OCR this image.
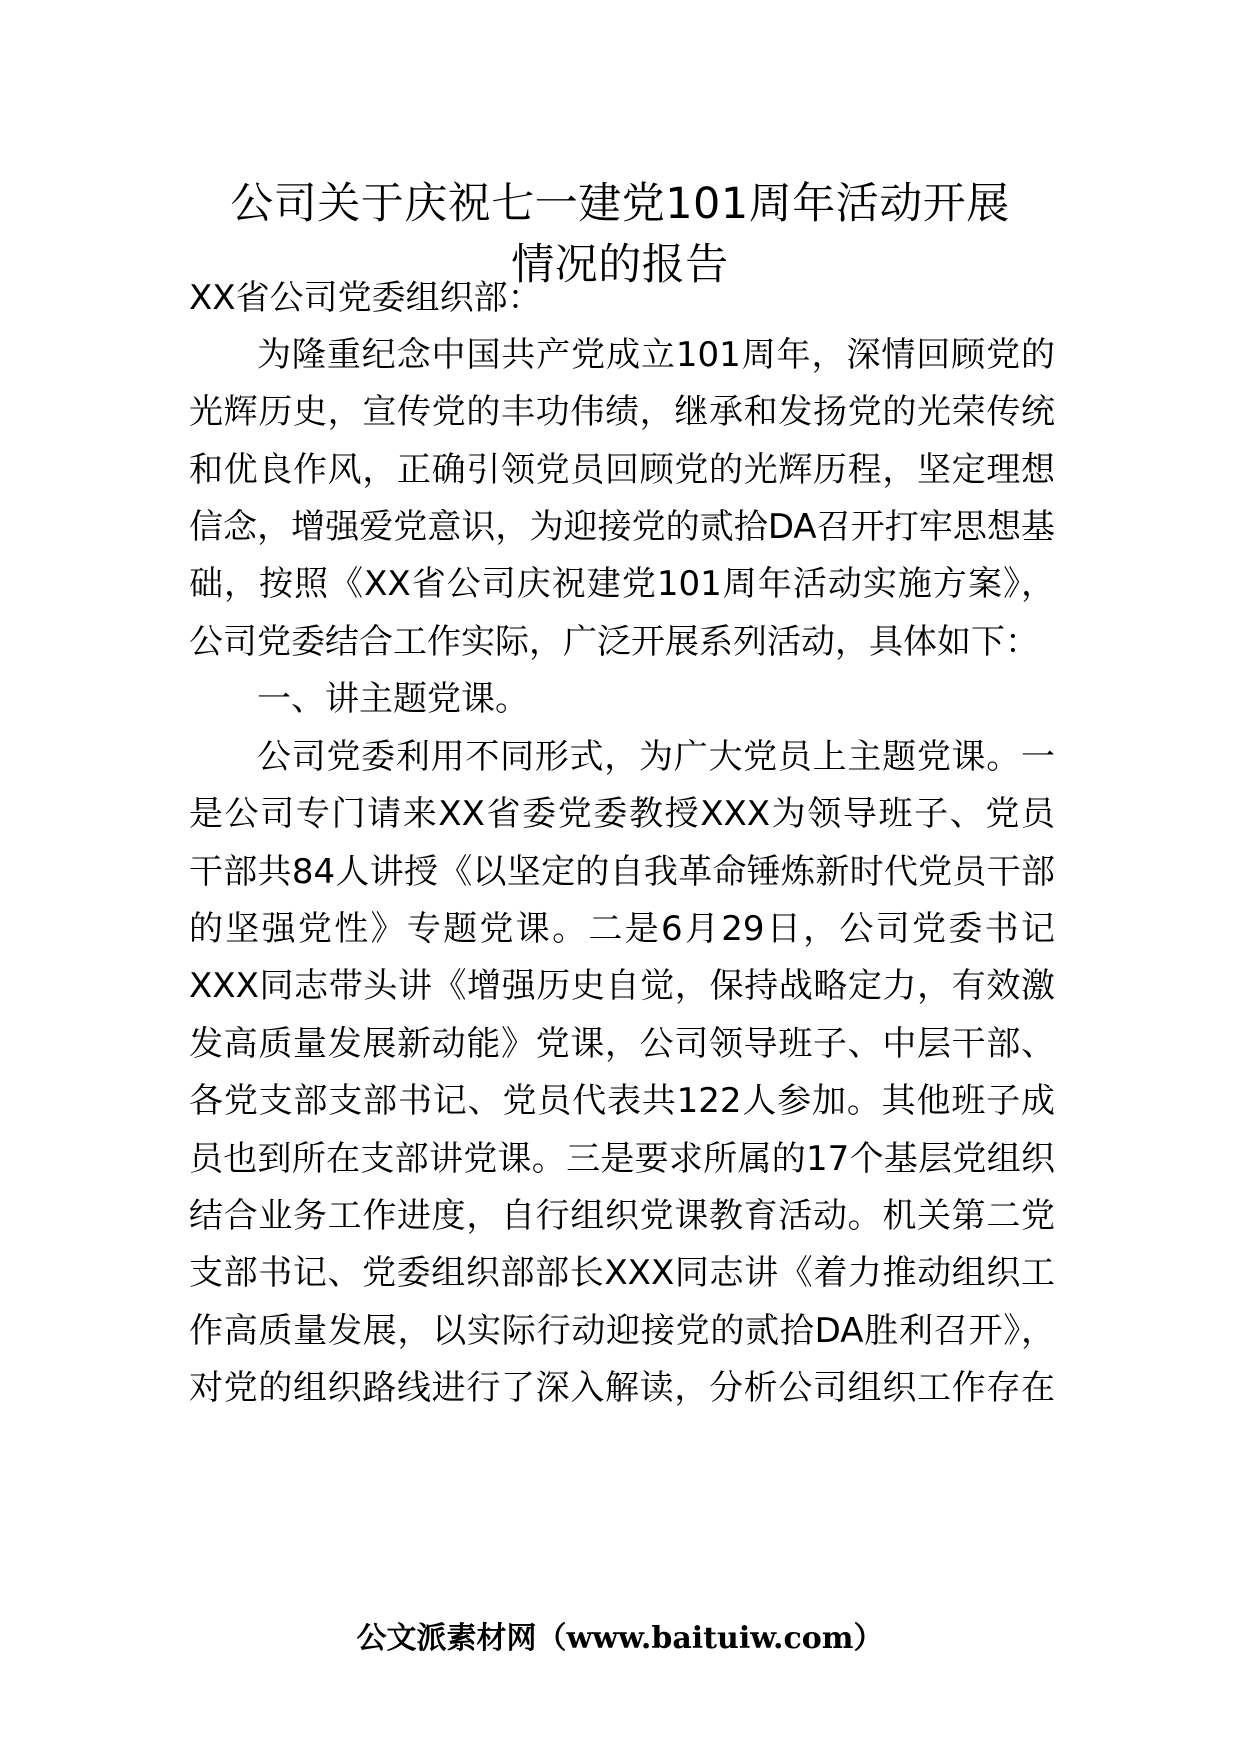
公司关于庆祝七一建党101周年活动开展
情况的报告
XX省公司党委组织部：
为隆重纪念中国共产党成立101周年，深情回顾党的
光辉历史，宣传党的丰功伟绩，继承和发扬党的光荣传统
和优良作风，正确引领党员回顾党的光辉历程，坚定理想
信念，增强爱党意识，为迎接党的贰拾DA召开打牢思想基
础，按照《XX省公司庆祝建党101周年活动实施方案》，
公司党委结合工作实际，广泛开展系列活动，具体如下：
一、讲主题党课。
公司党委利用不同形式，为广大党员上主题党课。一
是公司专门请来XX省委党委教授XXX为领导班子、党员
干部共84人讲授《以坚定的自我革命锤炼新时代党员干部
的坚强党性》专题党课。二是6月29日，公司党委书记
XXX同志带头讲《增强历史自觉，保持战略定力，有效激
发高质量发展新动能》党课，公司领导班子、中层干部、
各党支部支部书记、党员代表共122人参加。其他班子成
员也到所在支部讲党课。三是要求所属的17个基层党组织
结合业务工作进度，自行组织党课教育活动。机关第二党
支部书记、党委组织部部长XXX同志讲《着力推动组织工
作高质量发展，以实际行动迎接党的贰拾DA胜利召开》，
对党的组织路线进行了深入解读，分析公司组织工作存在
公文派素材网（www.baituiw.com）
